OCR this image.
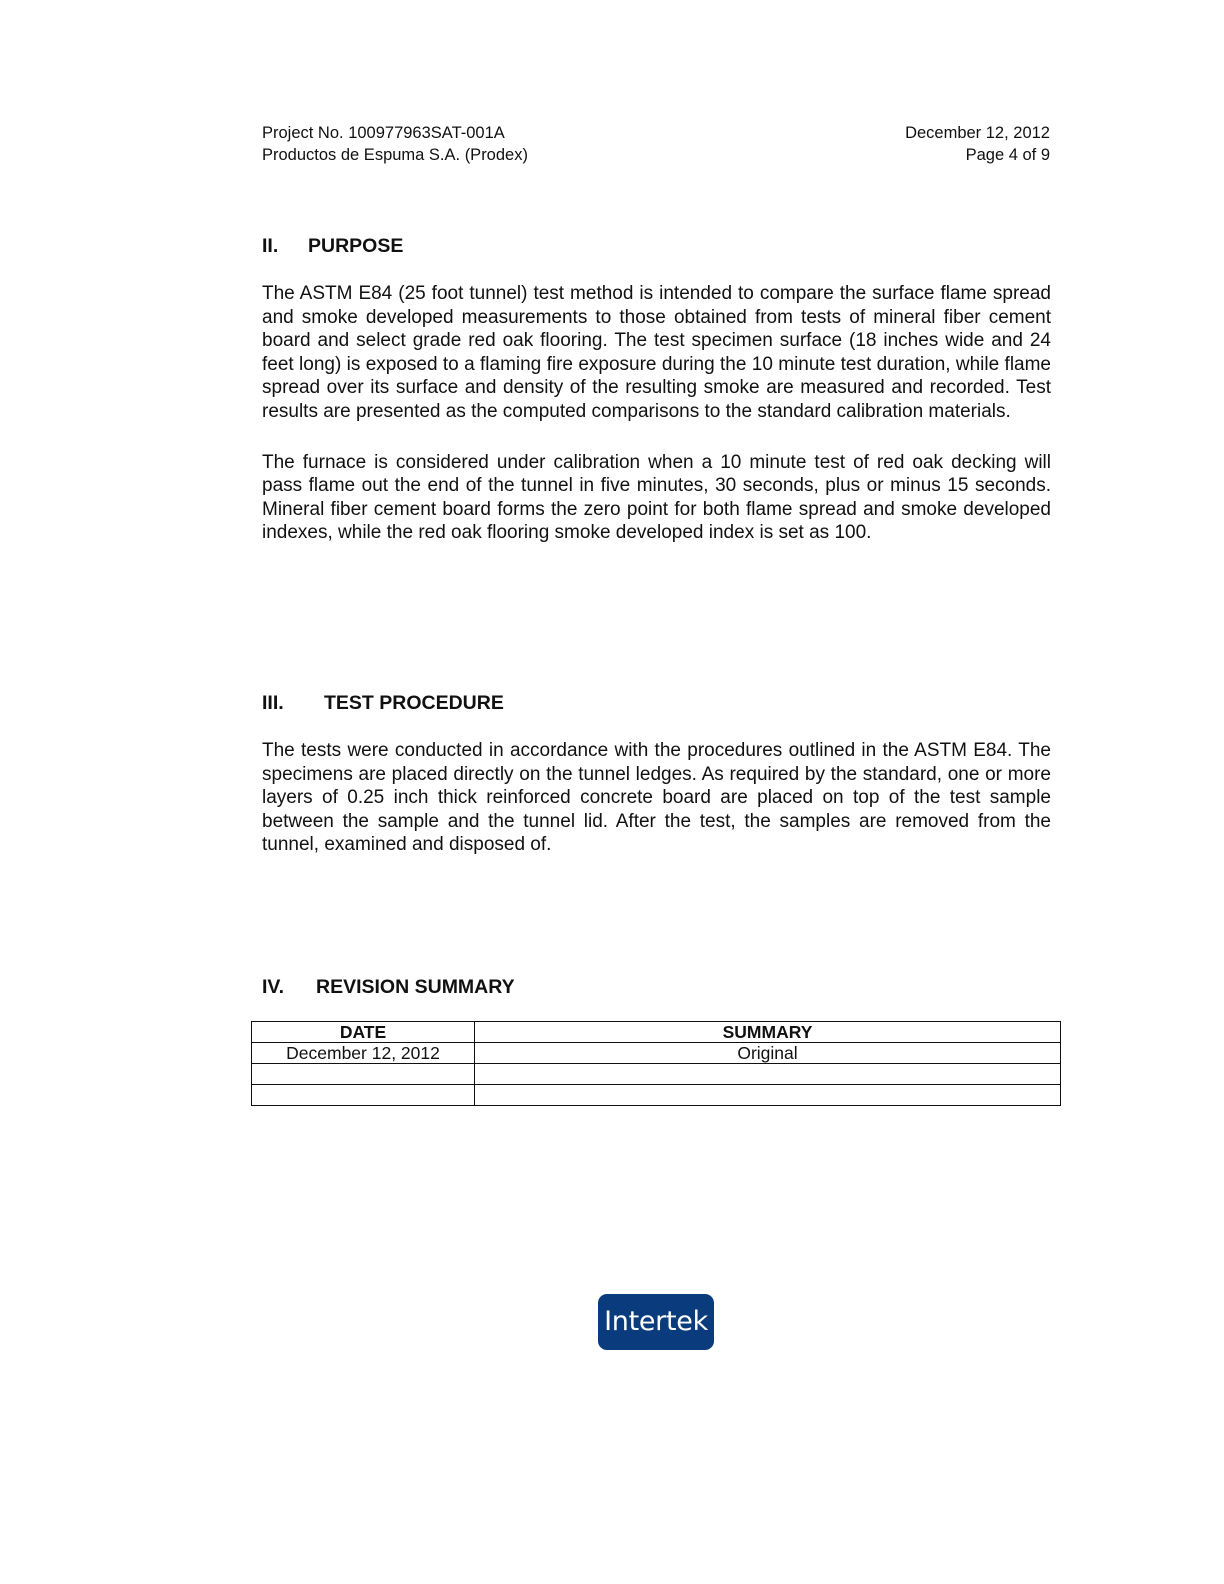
Project No. 100977963SAT-001A
Productos de Espuma S.A. (Prodex)
December 12, 2012
Page 4 of 9
II. PURPOSE

The ASTM E84 (25 foot tunnel) test method is intended to compare the surface flame spread and smoke developed measurements to those obtained from tests of mineral fiber cement board and select grade red oak flooring. The test specimen surface (18 inches wide and 24 feet long) is exposed to a flaming fire exposure during the 10 minute test duration, while flame spread over its surface and density of the resulting smoke are measured and recorded. Test results are presented as the computed comparisons to the standard calibration materials.

The furnace is considered under calibration when a 10 minute test of red oak decking will pass flame out the end of the tunnel in five minutes, 30 seconds, plus or minus 15 seconds. Mineral fiber cement board forms the zero point for both flame spread and smoke developed indexes, while the red oak flooring smoke developed index is set as 100.

III. TEST PROCEDURE

The tests were conducted in accordance with the procedures outlined in the ASTM E84. The specimens are placed directly on the tunnel ledges. As required by the standard, one or more layers of 0.25 inch thick reinforced concrete board are placed on top of the test sample between the sample and the tunnel lid. After the test, the samples are removed from the tunnel, examined and disposed of.

IV. REVISION SUMMARY
DATE	SUMMARY
December 12, 2012	Original

Intertek
